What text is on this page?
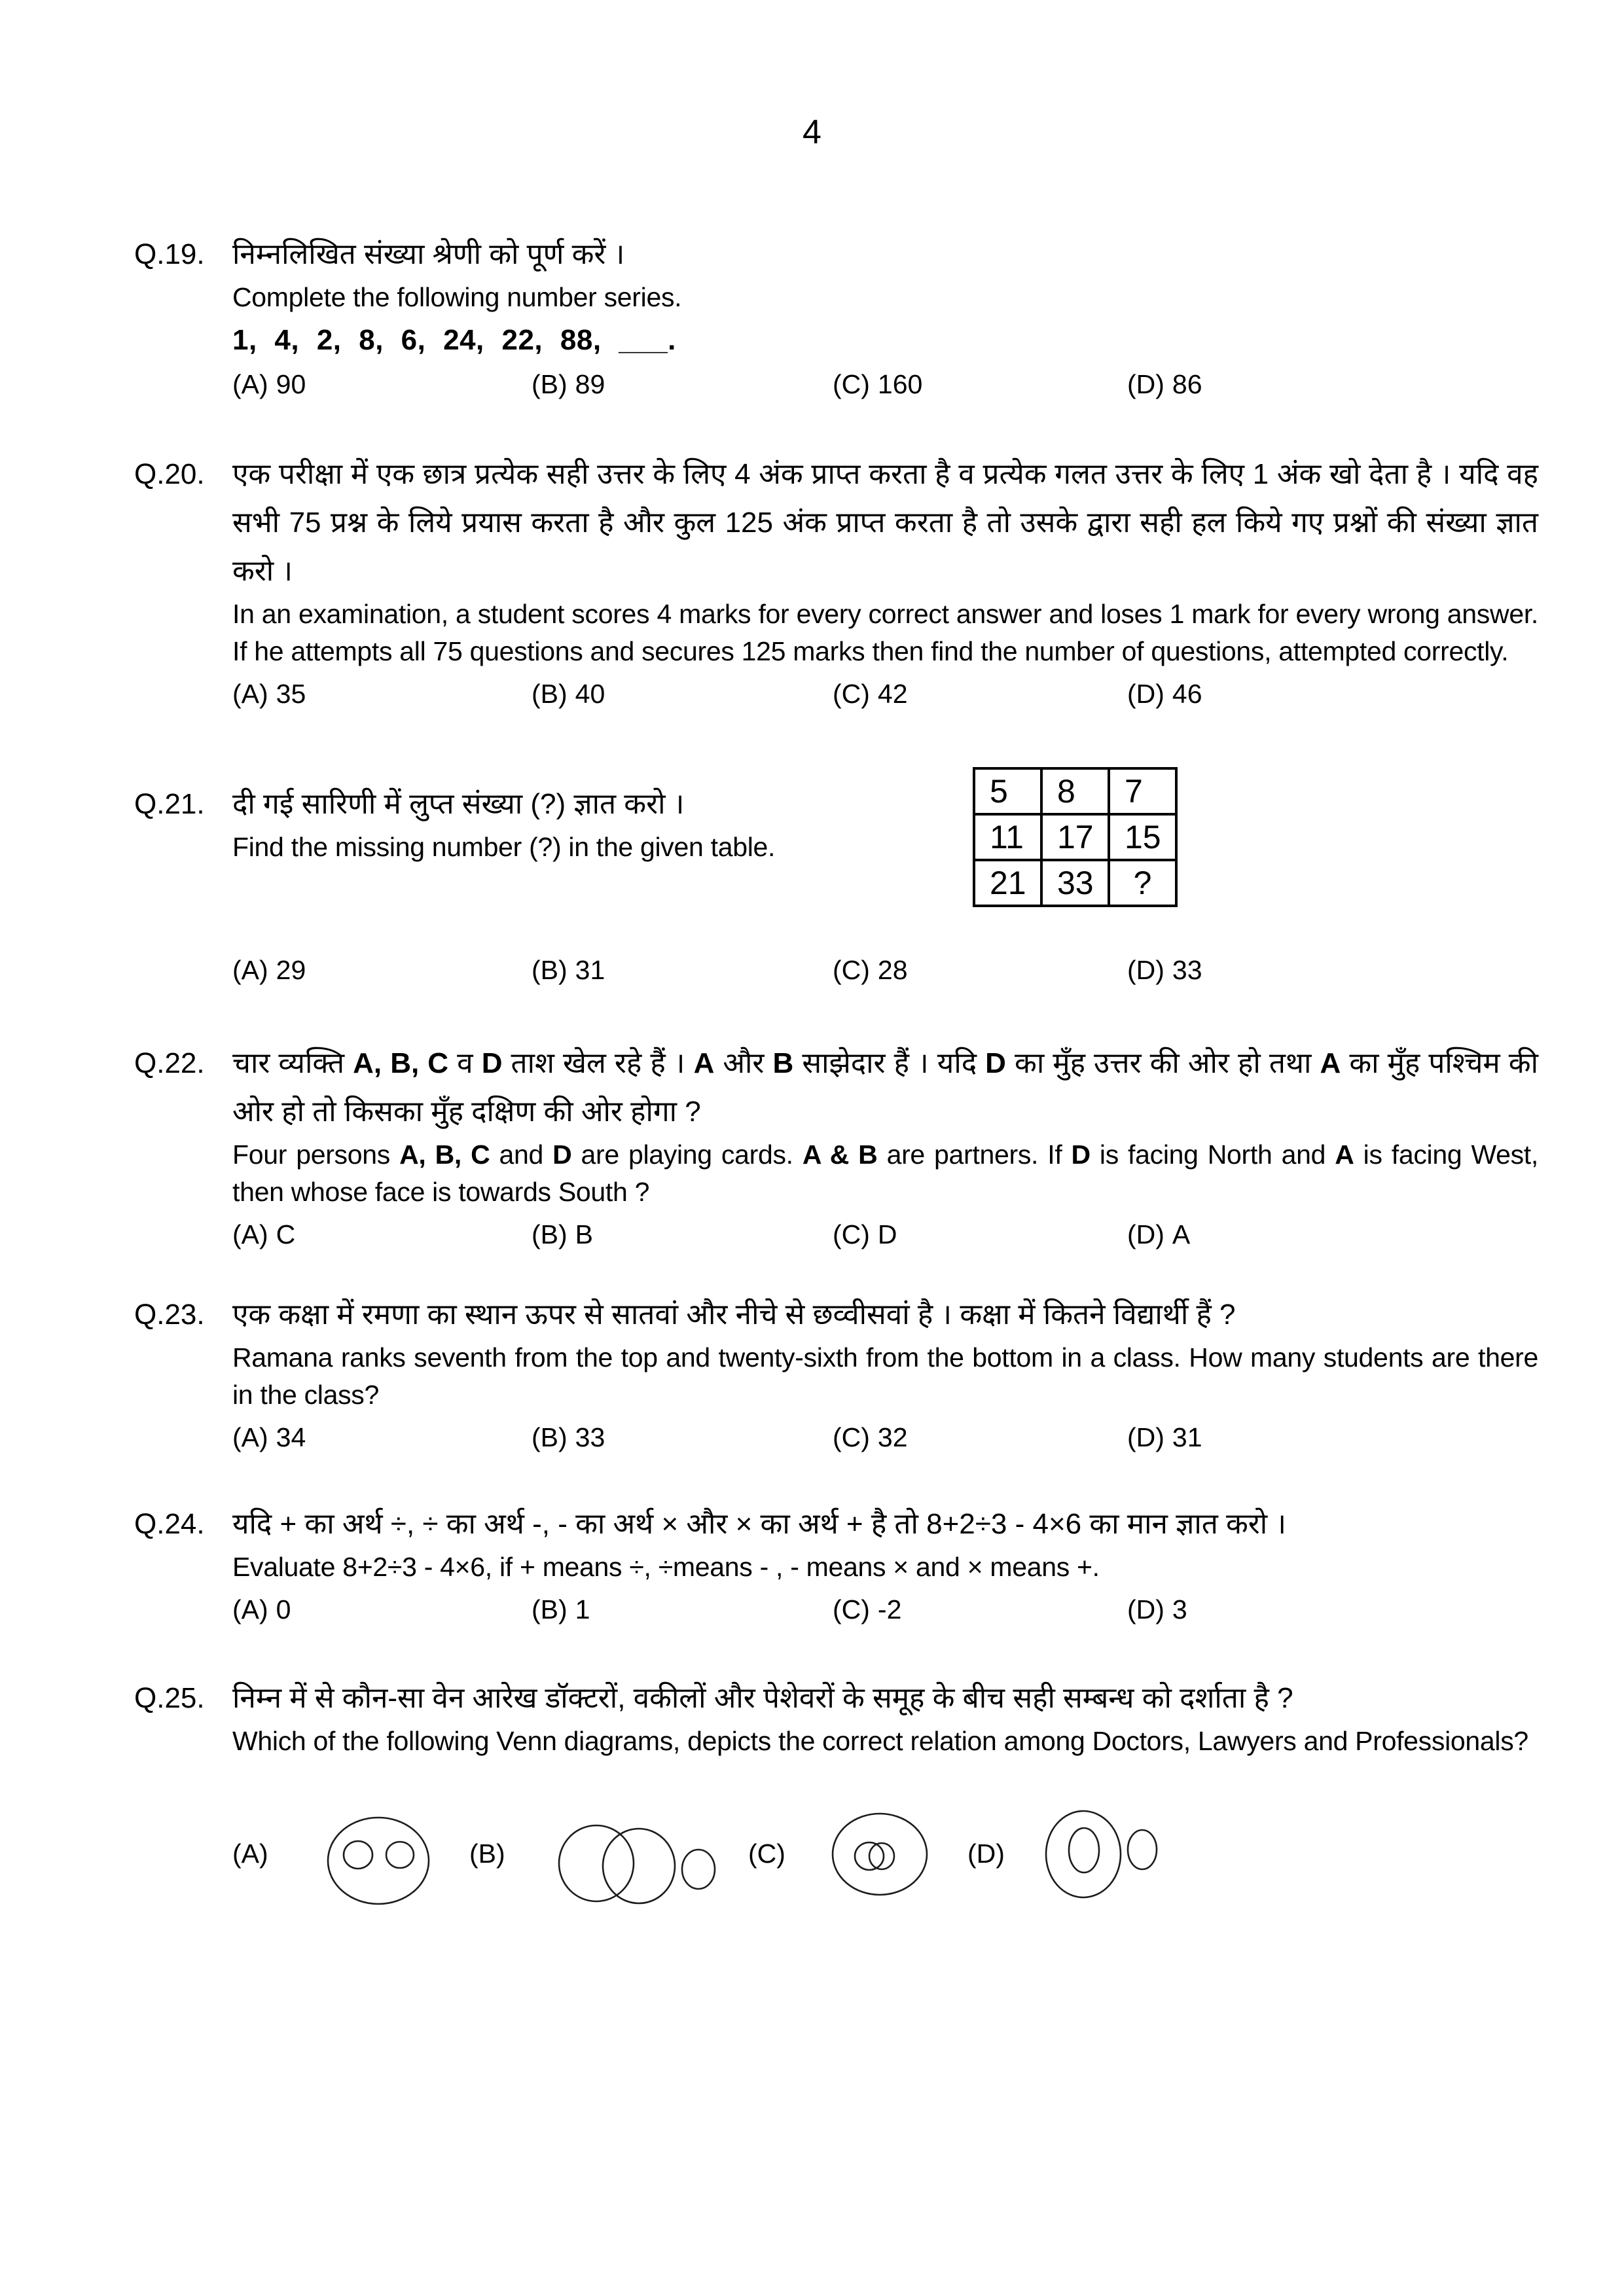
4

Q.19. निम्नलिखित संख्या श्रेणी को पूर्ण करें ।

Complete the following number series.

1, 4, 2, 8, 6, 24, 22, 88, ___.

(A) 90	(B) 89	(C) 160	(D) 86

Q.20. एक परीक्षा में एक छात्र प्रत्येक सही उत्तर के लिए 4 अंक प्राप्त करता है व प्रत्येक गलत उत्तर के लिए 1 अंक खो देता है । यदि वह सभी 75 प्रश्न के लिये प्रयास करता है और कुल 125 अंक प्राप्त करता है तो उसके द्वारा सही हल किये गए प्रश्नों की संख्या ज्ञात करो ।

In an examination, a student scores 4 marks for every correct answer and loses 1 mark for every wrong answer. If he attempts all 75 questions and secures 125 marks then find the number of questions, attempted correctly.

(A) 35	(B) 40	(C) 42	(D) 46

Q.21. दी गई सारिणी में लुप्त संख्या (?) ज्ञात करो ।

Find the missing number (?) in the given table.

5	8	7
11	17	15
21	33	?
(A) 29	(B) 31	(C) 28	(D) 33

Q.22. चार व्यक्ति A, B, C व D ताश खेल रहे हैं । A और B साझेदार हैं । यदि D का मुँह उत्तर की ओर हो तथा A का मुँह पश्चिम की ओर हो तो किसका मुँह दक्षिण की ओर होगा ?

Four persons A, B, C and D are playing cards. A & B are partners. If D is facing North and A is facing West, then whose face is towards South ?

(A) C	(B) B	(C) D	(D) A

Q.23. एक कक्षा में रमणा का स्थान ऊपर से सातवां और नीचे से छव्वीसवां है । कक्षा में कितने विद्यार्थी हैं ?

Ramana ranks seventh from the top and twenty-sixth from the bottom in a class. How many students are there in the class?

(A) 34	(B) 33	(C) 32	(D) 31

Q.24. यदि + का अर्थ ÷, ÷ का अर्थ -, - का अर्थ × और × का अर्थ + है तो 8+2÷3 - 4×6 का मान ज्ञात करो ।

Evaluate 8+2÷3 - 4×6, if + means ÷, ÷means - , - means × and × means +.

(A) 0	(B) 1	(C) -2	(D) 3

Q.25. निम्न में से कौन-सा वेन आरेख डॉक्टरों, वकीलों और पेशेवरों के समूह के बीच सही सम्बन्ध को दर्शाता है ?

Which of the following Venn diagrams, depicts the correct relation among Doctors, Lawyers and Professionals?

(A)	(B)	(C)	(D)
